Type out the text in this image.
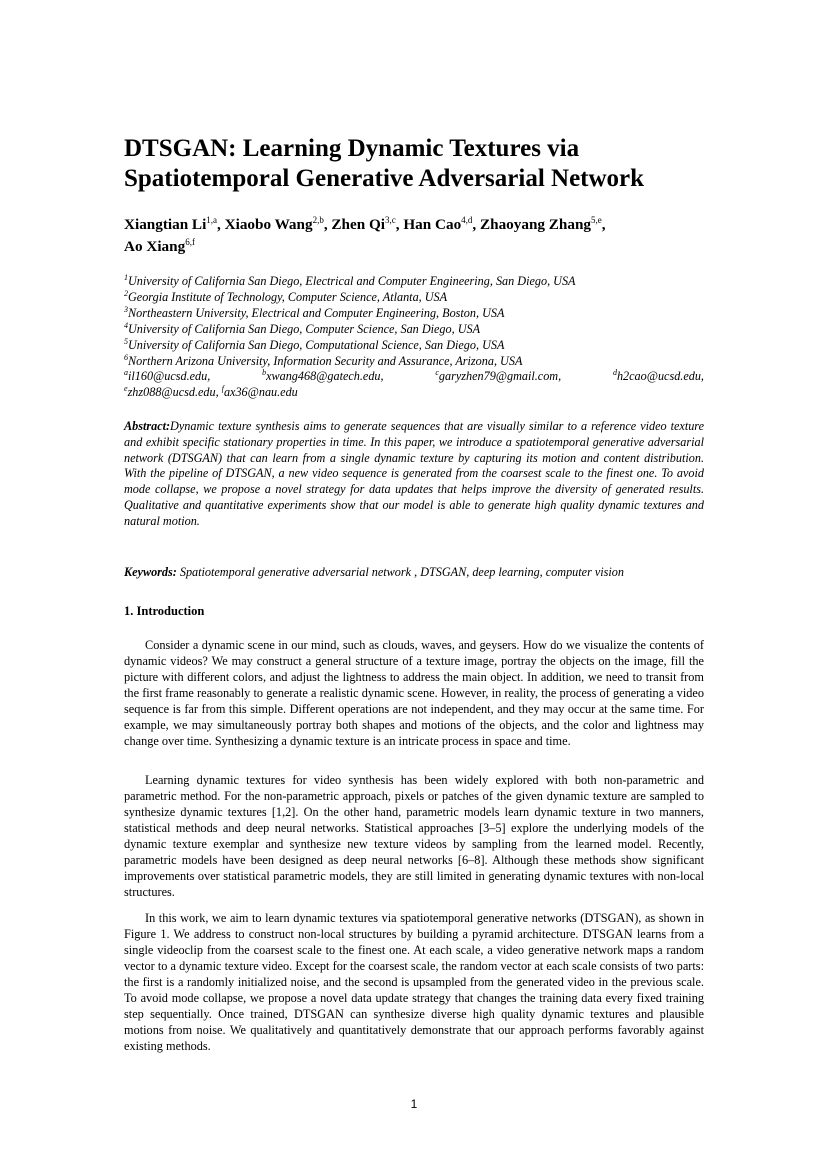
DTSGAN: Learning Dynamic Textures via
Spatiotemporal Generative Adversarial Network
Xiangtian Li$^{1,a}$, Xiaobo Wang$^{2,b}$, Zhen Qi$^{3,c}$, Han Cao$^{4,d}$, Zhaoyang Zhang$^{5,e}$,
Ao Xiang$^{6,f}$
$^1$University of California San Diego, Electrical and Computer Engineering, San Diego, USA
$^2$Georgia Institute of Technology, Computer Science, Atlanta, USA
$^3$Northeastern University, Electrical and Computer Engineering, Boston, USA
$^4$University of California San Diego, Computer Science, San Diego, USA
$^5$University of California San Diego, Computational Science, San Diego, USA
$^6$Northern Arizona University, Information Security and Assurance, Arizona, USA
$^a$il160@ucsd.edu,	$^b$xwang468@gatech.edu,	$^c$garyzhen79@gmail.com,	$^d$h2cao@ucsd.edu,
$^e$zhz088@ucsd.edu, $^f$ax36@nau.edu
Abstract:Dynamic texture synthesis aims to generate sequences that are visually similar to a reference video texture and exhibit specific stationary properties in time. In this paper, we introduce a spatiotemporal generative adversarial network (DTSGAN) that can learn from a single dynamic texture by capturing its motion and content distribution. With the pipeline of DTSGAN, a new video sequence is generated from the coarsest scale to the finest one. To avoid mode collapse, we propose a novel strategy for data updates that helps improve the diversity of generated results. Qualitative and quantitative experiments show that our model is able to generate high quality dynamic textures and natural motion.
Keywords: Spatiotemporal generative adversarial network , DTSGAN, deep learning, computer vision
1. Introduction

Consider a dynamic scene in our mind, such as clouds, waves, and geysers. How do we visualize the contents of dynamic videos? We may construct a general structure of a texture image, portray the objects on the image, fill the picture with different colors, and adjust the lightness to address the main object. In addition, we need to transit from the first frame reasonably to generate a realistic dynamic scene. However, in reality, the process of generating a video sequence is far from this simple. Different operations are not independent, and they may occur at the same time. For example, we may simultaneously portray both shapes and motions of the objects, and the color and lightness may change over time. Synthesizing a dynamic texture is an intricate process in space and time.

Learning dynamic textures for video synthesis has been widely explored with both non-parametric and parametric method. For the non-parametric approach, pixels or patches of the given dynamic texture are sampled to synthesize dynamic textures [1,2]. On the other hand, parametric models learn dynamic texture in two manners, statistical methods and deep neural networks. Statistical approaches [3–5] explore the underlying models of the dynamic texture exemplar and synthesize new texture videos by sampling from the learned model. Recently, parametric models have been designed as deep neural networks [6–8]. Although these methods show significant improvements over statistical parametric models, they are still limited in generating dynamic textures with non-local structures.

In this work, we aim to learn dynamic textures via spatiotemporal generative networks (DTSGAN), as shown in Figure 1. We address to construct non-local structures by building a pyramid architecture. DTSGAN learns from a single videoclip from the coarsest scale to the finest one. At each scale, a video generative network maps a random vector to a dynamic texture video. Except for the coarsest scale, the random vector at each scale consists of two parts: the first is a randomly initialized noise, and the second is upsampled from the generated video in the previous scale. To avoid mode collapse, we propose a novel data update strategy that changes the training data every fixed training step sequentially. Once trained, DTSGAN can synthesize diverse high quality dynamic textures and plausible motions from noise. We qualitatively and quantitatively demonstrate that our approach performs favorably against existing methods.

1
